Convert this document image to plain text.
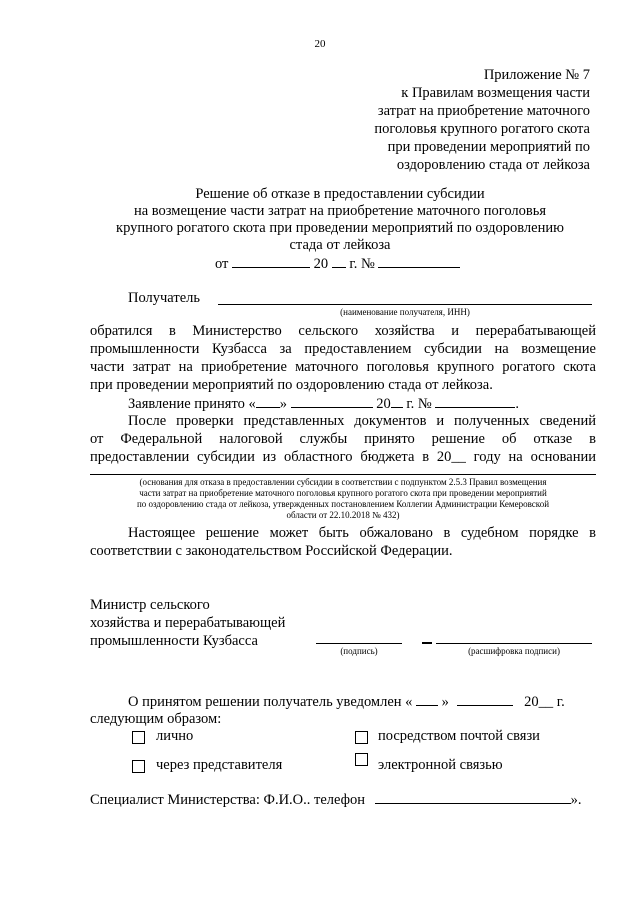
20
Приложение № 7
к Правилам возмещения части
затрат на приобретение маточного
поголовья крупного рогатого скота
при проведении мероприятий по
оздоровлению стада от лейкоза
Решение об отказе в предоставлении субсидии
на возмещение части затрат на приобретение маточного поголовья
крупного рогатого скота при проведении мероприятий по оздоровлению
стада от лейкоза
от	20 г. №
Получатель
(наименование получателя, ИНН)
обратился в Министерство сельского хозяйства и перерабатывающей
промышленности Кузбасса за предоставлением субсидии на возмещение
части затрат на приобретение маточного поголовья крупного рогатого скота
при проведении мероприятий по оздоровлению стада от лейкоза.
Заявление принято « »	20 г. №	.
После проверки представленных документов и полученных сведений
от Федеральной налоговой службы принято решение об отказе в
предоставлении субсидии из областного бюджета в 20__ году на основании
(основания для отказа в предоставлении субсидии в соответствии с подпунктом 2.5.3 Правил возмещения
части затрат на приобретение маточного поголовья крупного рогатого скота при проведении мероприятий
по оздоровлению стада от лейкоза, утвержденных постановлением Коллегии Администрации Кемеровской
области от 22.10.2018 № 432)
Настоящее решение может быть обжаловано в судебном порядке в
соответствии с законодательством Российской Федерации.
Министр сельского
хозяйства и перерабатывающей
промышленности Кузбасса
(подпись)	(расшифровка подписи)
О принятом решении получатель уведомлен « »	20__ г.
следующим образом:
лично	посредством почтой связи
через представителя	электронной связью
Специалист Министерства: Ф.И.О.. телефон	».
